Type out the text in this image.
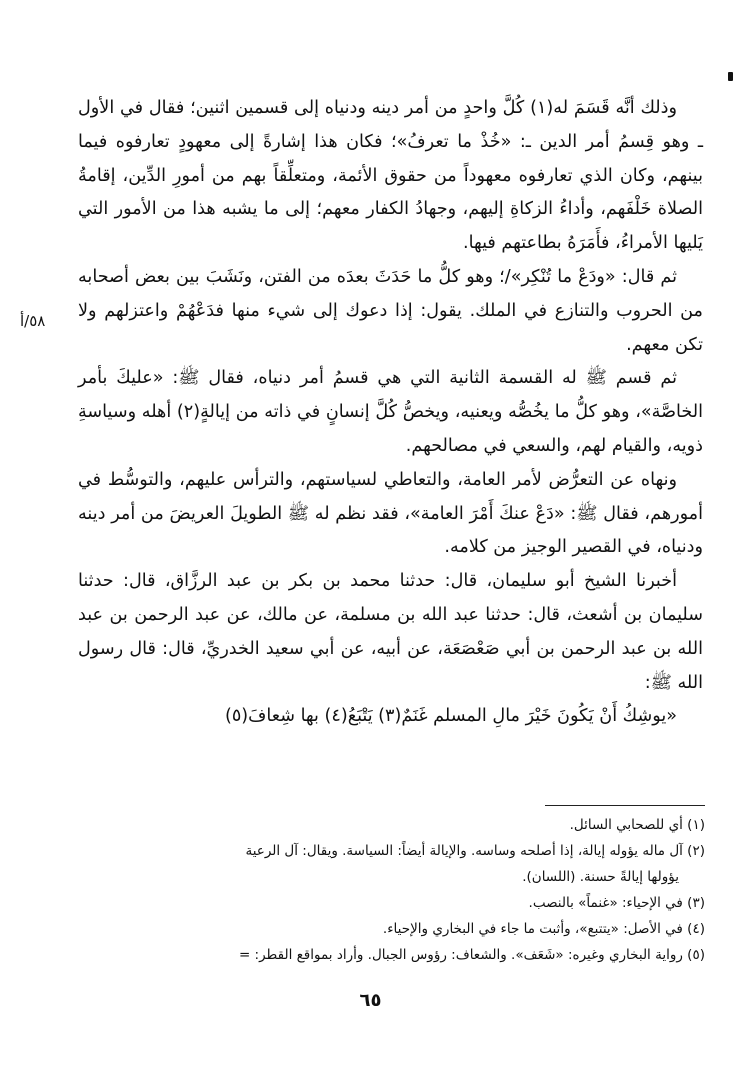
وذلك أنَّه قَسَمَ له(١) كُلَّ واحدٍ من أمر دينه ودنياه إلى قسمين اثنين؛ فقال في الأول ـ وهو قِسمُ أمر الدين ـ: «خُذْ ما تعرفُ»؛ فكان هذا إشارةً إلى معهودٍ تعارفوه فيما بينهم، وكان الذي تعارفوه معهوداً من حقوق الأئمة، ومتعلِّقاً بهم من أمورِ الدِّين، إقامةُ الصلاة خَلْفَهم، وأداءُ الزكاةِ إليهم، وجهادُ الكفار معهم؛ إلى ما يشبه هذا من الأمور التي يَليها الأمراءُ، فأَمَرَهُ بطاعتهم فيها.

ثم قال: «ودَعْ ما تُنْكِر»/؛ وهو كلُّ ما حَدَثَ بعدَه من الفتن، ونَشَبَ بين بعض أصحابه من الحروب والتنازع في الملك. يقول: إذا دعوك إلى شيء منها فدَعْهُمْ واعتزلهم ولا تكن معهم.

ثم قسم ﷺ له القسمة الثانية التي هي قسمُ أمر دنياه، فقال ﷺ: «عليكَ بأمر الخاصَّة»، وهو كلُّ ما يخُصُّه ويعنيه، ويخصُّ كُلَّ إنسانٍ في ذاته من إيالةٍ(٢) أهله وسياسةِ ذويه، والقيام لهم، والسعي في مصالحهم.

ونهاه عن التعرُّض لأمر العامة، والتعاطي لسياستهم، والترأس عليهم، والتوسُّط في أمورهم، فقال ﷺ: «دَعْ عنكَ أَمْرَ العامة»، فقد نظم له ﷺ الطويلَ العريضَ من أمر دينه ودنياه، في القصير الوجيز من كلامه.

أخبرنا الشيخ أبو سليمان، قال: حدثنا محمد بن بكر بن عبد الرزَّاق، قال: حدثنا سليمان بن أشعث، قال: حدثنا عبد الله بن مسلمة، عن مالك، عن عبد الرحمن بن عبد الله بن عبد الرحمن بن أبي صَعْصَعَة، عن أبيه، عن أبي سعيد الخدريِّ، قال: قال رسول الله ﷺ:

«يوشِكُ أَنْ يَكُونَ خَيْرَ مالِ المسلم غَنَمٌ(٣) يَتْبَعُ(٤) بها شِعافَ(٥)

٥٨/أ
(١) أي للصحابي السائل.
(٢) آل ماله يؤوله إيالة، إذا أصلحه وساسه. والإيالة أيضاً: السياسة. ويقال: آل الرعية
يؤولها إيالةً حسنة. (اللسان).
(٣) في الإحياء: «غنماً» بالنصب.
(٤) في الأصل: «يتتبع»، وأثبت ما جاء في البخاري والإحياء.
(٥) رواية البخاري وغيره: «شَعَف». والشعاف: رؤوس الجبال. وأراد بمواقع القطر: =
٦٥
